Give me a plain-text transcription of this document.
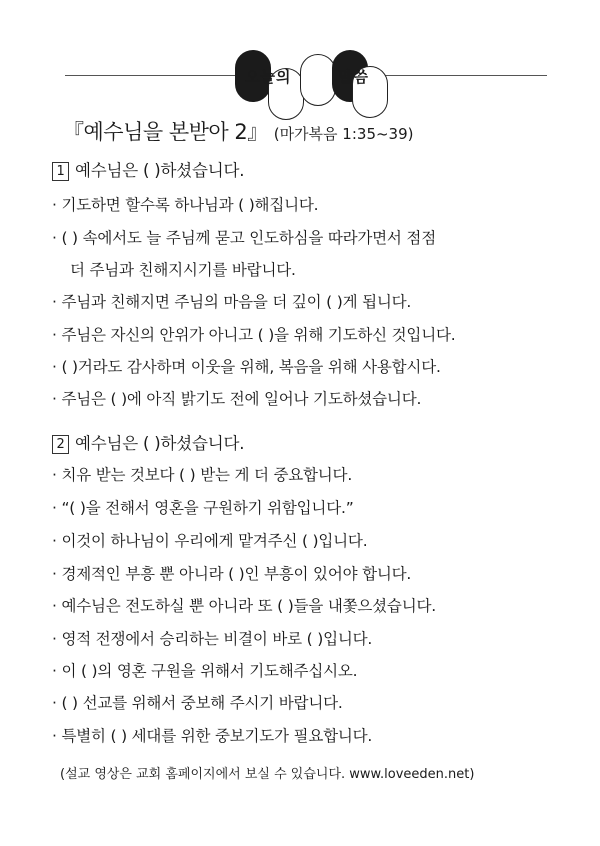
오늘의	말씀
『예수님을 본받아 2』 (마가복음 1:35~39)
1 예수님은 ( )하셨습니다.
· 기도하면 할수록 하나님과 ( )해집니다.
· ( ) 속에서도 늘 주님께 묻고 인도하심을 따라가면서 점점
더 주님과 친해지시기를 바랍니다.
· 주님과 친해지면 주님의 마음을 더 깊이 ( )게 됩니다.
· 주님은 자신의 안위가 아니고 ( )을 위해 기도하신 것입니다.
· ( )거라도 감사하며 이웃을 위해, 복음을 위해 사용합시다.
· 주님은 ( )에 아직 밝기도 전에 일어나 기도하셨습니다.
2 예수님은 ( )하셨습니다.
· 치유 받는 것보다 ( ) 받는 게 더 중요합니다.
· “( )을 전해서 영혼을 구원하기 위함입니다.”
· 이것이 하나님이 우리에게 맡겨주신 ( )입니다.
· 경제적인 부흥 뿐 아니라 ( )인 부흥이 있어야 합니다.
· 예수님은 전도하실 뿐 아니라 또 ( )들을 내쫓으셨습니다.
· 영적 전쟁에서 승리하는 비결이 바로 ( )입니다.
· 이 ( )의 영혼 구원을 위해서 기도해주십시오.
· ( ) 선교를 위해서 중보해 주시기 바랍니다.
· 특별히 ( ) 세대를 위한 중보기도가 필요합니다.
(설교 영상은 교회 홈페이지에서 보실 수 있습니다. www.loveeden.net)
